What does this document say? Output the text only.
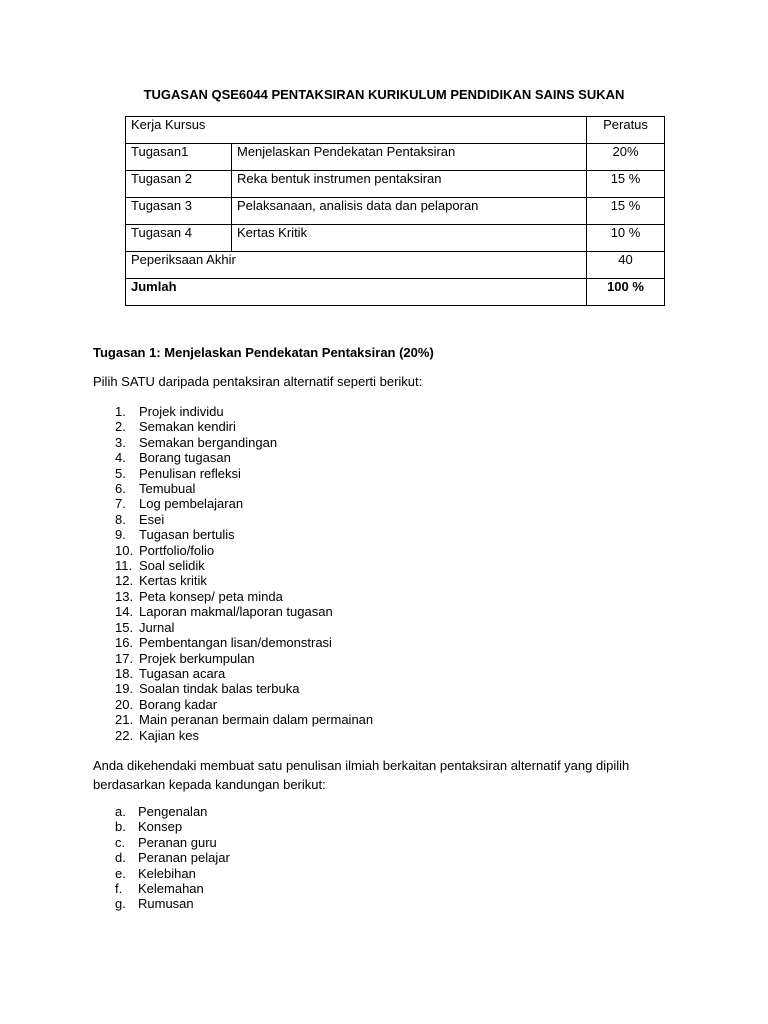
TUGASAN QSE6044 PENTAKSIRAN KURIKULUM PENDIDIKAN SAINS SUKAN
Kerja Kursus		Peratus
Tugasan1	Menjelaskan Pendekatan Pentaksiran	20%
Tugasan 2	Reka bentuk instrumen pentaksiran	15 %
Tugasan 3	Pelaksanaan, analisis data dan pelaporan	15 %
Tugasan 4	Kertas Kritik	10 %
Peperiksaan Akhir		40
Jumlah		100 %
Tugasan 1: Menjelaskan Pendekatan Pentaksiran (20%)
Pilih SATU daripada pentaksiran alternatif seperti berikut:
1.	Projek individu
2.	Semakan kendiri
3.	Semakan bergandingan
4.	Borang tugasan
5.	Penulisan refleksi
6.	Temubual
7.	Log pembelajaran
8.	Esei
9.	Tugasan bertulis
10. Portfolio/folio
11. Soal selidik
12. Kertas kritik
13. Peta konsep/ peta minda
14. Laporan makmal/laporan tugasan
15. Jurnal
16. Pembentangan lisan/demonstrasi
17. Projek berkumpulan
18. Tugasan acara
19. Soalan tindak balas terbuka
20. Borang kadar
21. Main peranan bermain dalam permainan
22. Kajian kes
Anda dikehendaki membuat satu penulisan ilmiah berkaitan pentaksiran alternatif yang dipilih berdasarkan kepada kandungan berikut:
a. Pengenalan
b. Konsep
c. Peranan guru
d. Peranan pelajar
e. Kelebihan
f.	Kelemahan
g. Rumusan
